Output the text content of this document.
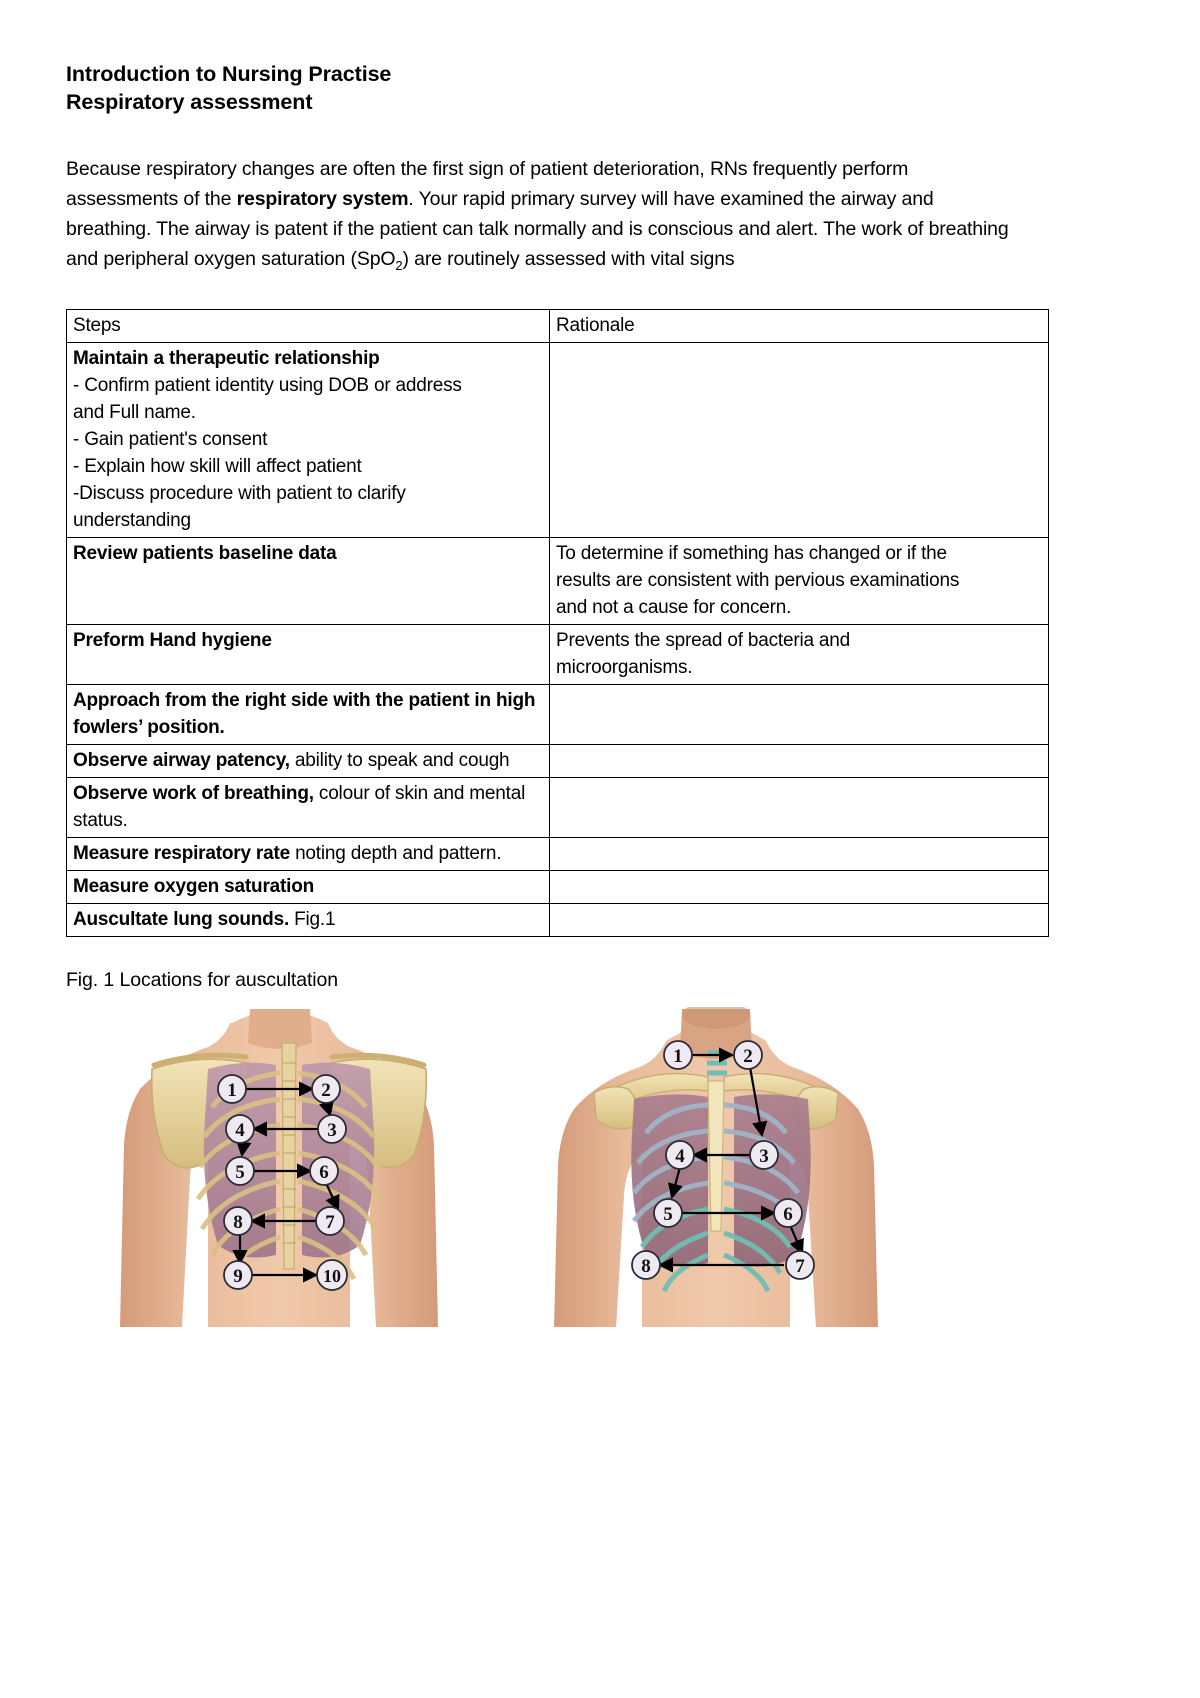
Introduction to Nursing Practise
Respiratory assessment

Because respiratory changes are often the first sign of patient deterioration, RNs frequently perform assessments of the respiratory system. Your rapid primary survey will have examined the airway and breathing. The airway is patent if the patient can talk normally and is conscious and alert. The work of breathing and peripheral oxygen saturation (SpO$_2$) are routinely assessed with vital signs

Steps	Rationale

Maintain a therapeutic relationship
- Confirm patient identity using DOB or address
and Full name.
- Gain patient's consent
- Explain how skill will affect patient
-Discuss procedure with patient to clarify
understanding

Review patients baseline data	To determine if something has changed or if the
results are consistent with pervious examinations
and not a cause for concern.

Preform Hand hygiene	Prevents the spread of bacteria and
microorganisms.

Approach from the right side with the patient in high fowlers’ position.	
Observe airway patency, ability to speak and cough	
Observe work of breathing, colour of skin and mental status.	
Measure respiratory rate noting depth and pattern.	
Measure oxygen saturation	
Auscultate lung sounds. Fig.1	
Fig. 1 Locations for auscultation
1	2
3
4
5	6
7
8
9	10
1	2
3
4
5	6
7
8
